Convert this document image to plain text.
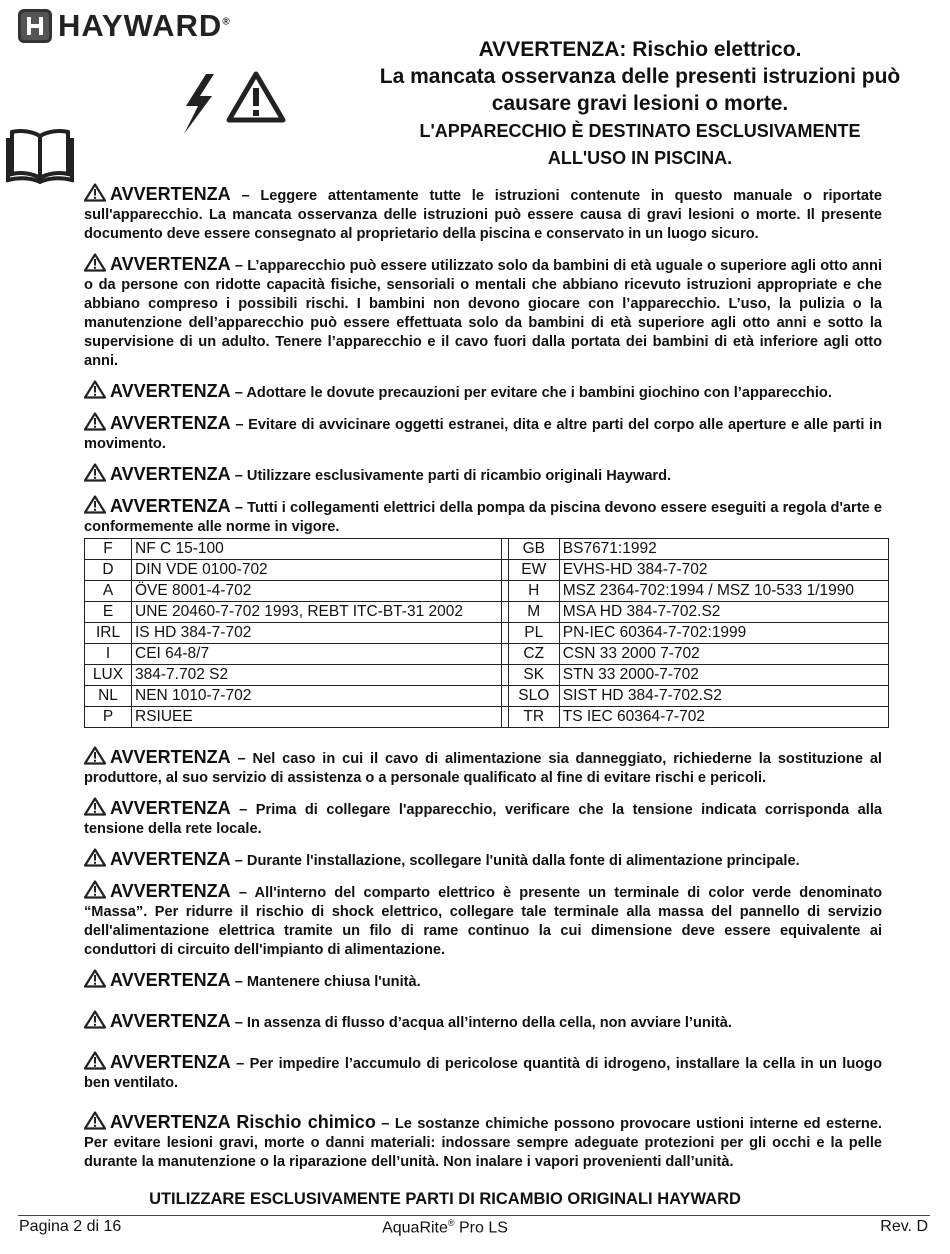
HAYWARD®
AVVERTENZA: Rischio elettrico.
La mancata osservanza delle presenti istruzioni può
causare gravi lesioni o morte.
L'APPARECCHIO È DESTINATO ESCLUSIVAMENTE
ALL'USO IN PISCINA.
AVVERTENZA – Leggere attentamente tutte le istruzioni contenute in questo manuale o riportate sull'apparecchio. La mancata osservanza delle istruzioni può essere causa di gravi lesioni o morte. Il presente documento deve essere consegnato al proprietario della piscina e conservato in un luogo sicuro.
AVVERTENZA – L’apparecchio può essere utilizzato solo da bambini di età uguale o superiore agli otto anni o da persone con ridotte capacità fisiche, sensoriali o mentali che abbiano ricevuto istruzioni appropriate e che abbiano compreso i possibili rischi. I bambini non devono giocare con l’apparecchio. L’uso, la pulizia o la manutenzione dell’apparecchio può essere effettuata solo da bambini di età superiore agli otto anni e sotto la supervisione di un adulto. Tenere l’apparecchio e il cavo fuori dalla portata dei bambini di età inferiore agli otto anni.
AVVERTENZA – Adottare le dovute precauzioni per evitare che i bambini giochino con l’apparecchio.
AVVERTENZA – Evitare di avvicinare oggetti estranei, dita e altre parti del corpo alle aperture e alle parti in movimento.
AVVERTENZA – Utilizzare esclusivamente parti di ricambio originali Hayward.
AVVERTENZA – Tutti i collegamenti elettrici della pompa da piscina devono essere eseguiti a regola d'arte e conformemente alle norme in vigore.
F	NF C 15-100		GB	BS7671:1992
D	DIN VDE 0100-702		EW	EVHS-HD 384-7-702
A	ÖVE 8001-4-702		H	MSZ 2364-702:1994 / MSZ 10-533 1/1990
E	UNE 20460-7-702 1993, REBT ITC-BT-31 2002		M	MSA HD 384-7-702.S2
IRL	IS HD 384-7-702		PL	PN-IEC 60364-7-702:1999
I	CEI 64-8/7		CZ	CSN 33 2000 7-702
LUX	384-7.702 S2		SK	STN 33 2000-7-702
NL	NEN 1010-7-702		SLO	SIST HD 384-7-702.S2
P	RSIUEE		TR	TS IEC 60364-7-702
AVVERTENZA – Nel caso in cui il cavo di alimentazione sia danneggiato, richiederne la sostituzione al produttore, al suo servizio di assistenza o a personale qualificato al fine di evitare rischi e pericoli.
AVVERTENZA – Prima di collegare l'apparecchio, verificare che la tensione indicata corrisponda alla tensione della rete locale.
AVVERTENZA – Durante l'installazione, scollegare l'unità dalla fonte di alimentazione principale.
AVVERTENZA – All'interno del comparto elettrico è presente un terminale di color verde denominato “Massa”. Per ridurre il rischio di shock elettrico, collegare tale terminale alla massa del pannello di servizio dell'alimentazione elettrica tramite un filo di rame continuo la cui dimensione deve essere equivalente ai conduttori di circuito dell'impianto di alimentazione.
AVVERTENZA – Mantenere chiusa l'unità.
AVVERTENZA – In assenza di flusso d’acqua all’interno della cella, non avviare l’unità.
AVVERTENZA – Per impedire l’accumulo di pericolose quantità di idrogeno, installare la cella in un luogo ben ventilato.
AVVERTENZA Rischio chimico – Le sostanze chimiche possono provocare ustioni interne ed esterne. Per evitare lesioni gravi, morte o danni materiali: indossare sempre adeguate protezioni per gli occhi e la pelle durante la manutenzione o la riparazione dell’unità. Non inalare i vapori provenienti dall’unità.
UTILIZZARE ESCLUSIVAMENTE PARTI DI RICAMBIO ORIGINALI HAYWARD
Pagina 2 di 16	AquaRite® Pro LS	Rev. D
